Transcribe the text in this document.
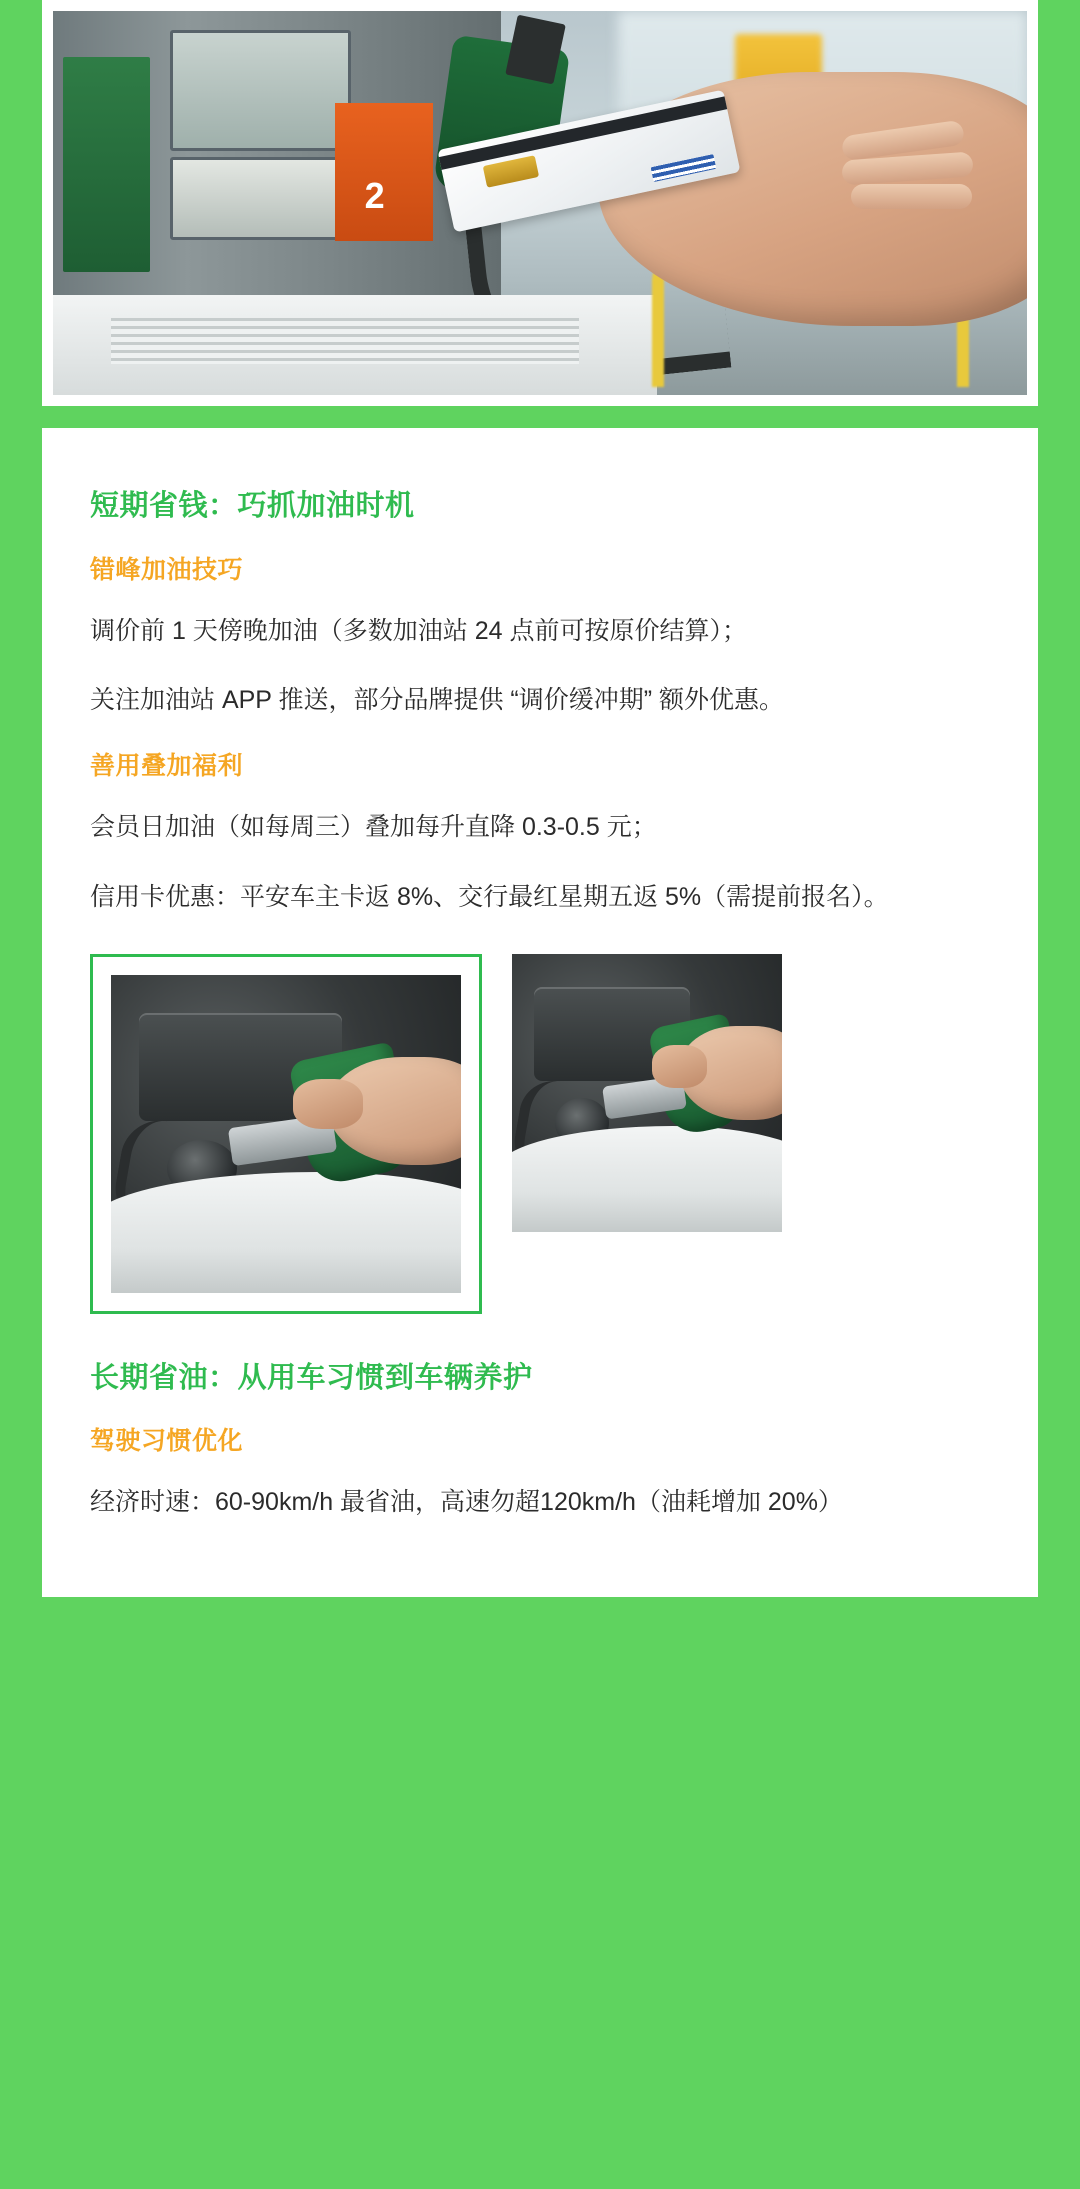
2
短期省钱：巧抓加油时机
错峰加油技巧

调价前 1 天傍晚加油（多数加油站 24 点前可按原价结算）；

关注加油站 APP 推送，部分品牌提供 “调价缓冲期” 额外优惠。

善用叠加福利

会员日加油（如每周三）叠加每升直降 0.3-0.5 元；

信用卡优惠：平安车主卡返 8%、交行最红星期五返 5%（需提前报名）。

长期省油：从用车习惯到车辆养护
驾驶习惯优化

经济时速：60-90km/h 最省油，高速勿超120km/h（油耗增加 20%）
